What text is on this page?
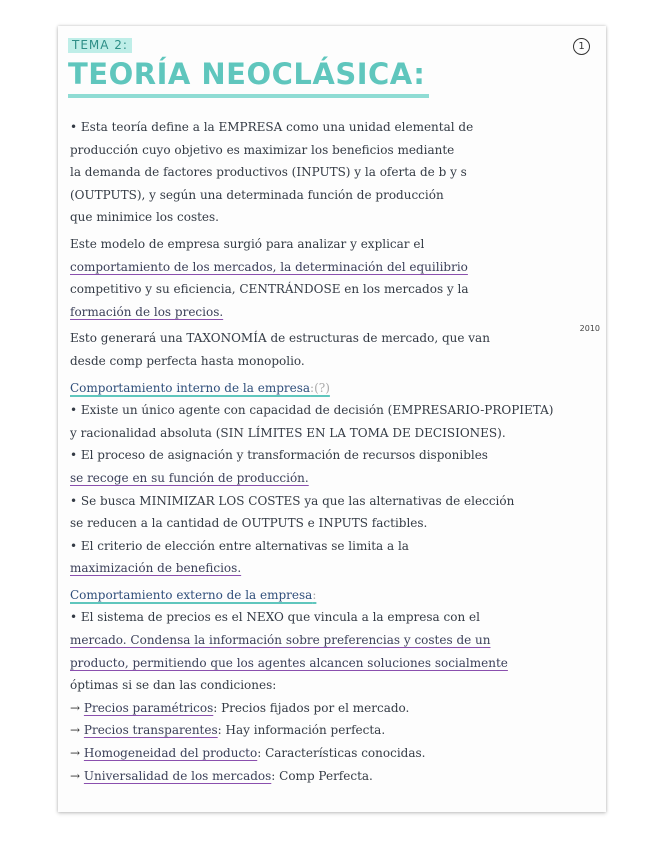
TEMA 2:	1
TEORÍA NEOCLÁSICA:
2010

• Esta teoría define a la EMPRESA como una unidad elemental de

producción cuyo objetivo es maximizar los beneficios mediante

la demanda de factores productivos (INPUTS) y la oferta de b y s

(OUTPUTS), y según una determinada función de producción

que minimice los costes.

Este modelo de empresa surgió para analizar y explicar el

comportamiento de los mercados, la determinación del equilibrio

competitivo y su eficiencia, CENTRÁNDOSE en los mercados y la

formación de los precios.

Esto generará una TAXONOMÍA de estructuras de mercado, que van

desde comp perfecta hasta monopolio.

Comportamiento interno de la empresa:(?)

• Existe un único agente con capacidad de decisión (EMPRESARIO-PROPIETA)

y racionalidad absoluta (SIN LÍMITES EN LA TOMA DE DECISIONES).

• El proceso de asignación y transformación de recursos disponibles

se recoge en su función de producción.

• Se busca MINIMIZAR LOS COSTES ya que las alternativas de elección

se reducen a la cantidad de OUTPUTS e INPUTS factibles.

• El criterio de elección entre alternativas se limita a la

maximización de beneficios.

Comportamiento externo de la empresa:

• El sistema de precios es el NEXO que vincula a la empresa con el

mercado. Condensa la información sobre preferencias y costes de un

producto, permitiendo que los agentes alcancen soluciones socialmente

óptimas si se dan las condiciones:

→ Precios paramétricos: Precios fijados por el mercado.

→ Precios transparentes: Hay información perfecta.

→ Homogeneidad del producto: Características conocidas.

→ Universalidad de los mercados: Comp Perfecta.
